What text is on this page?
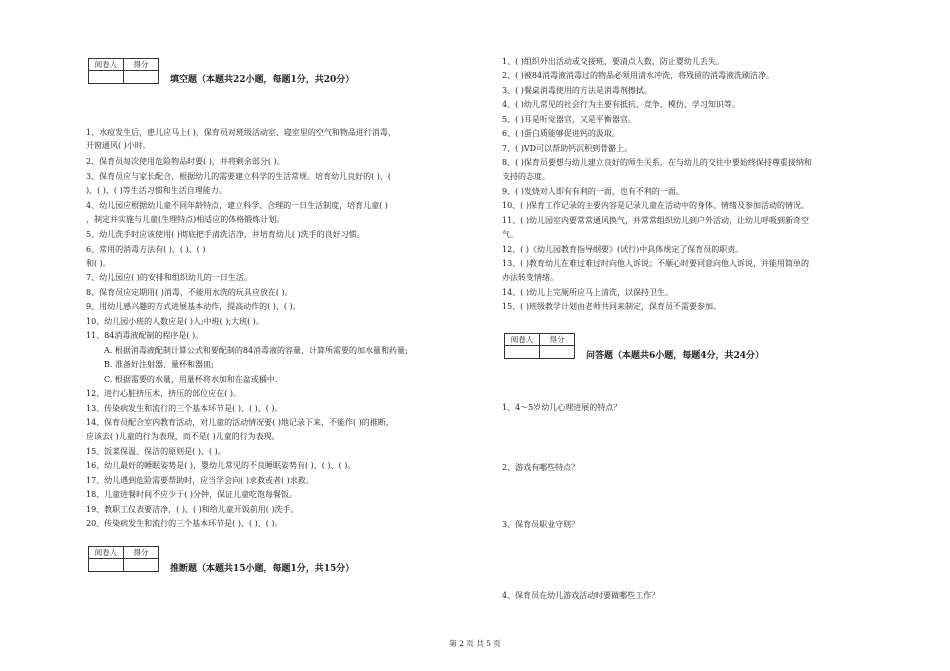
阅卷人	得分

填空题（本题共22小题，每题1分，共20分）
1、水痘发生后，患儿应马上( )，保育员对班级活动室、寝室里的空气和物品进行消毒，
开窗通风( )小时。
2、保育员每次使用危险物品时要( )，并将剩余部分( )。
3、保育员应与家长配合，根据幼儿的需要建立科学的生活常规。培育幼儿良好的( )、(
)、( )、( )等生活习惯和生活自理能力。
4、幼儿园应根据幼儿童不同年龄特点，建立科学、合理的一日生活制度，培育儿童( )
，制定并实施与儿童(生理特点)相适应的体格锻炼计划。
5、幼儿洗手时应该使用( )彻底把手清洗洁净，并培育幼儿( )洗手的良好习惯。
6、常用的消毒方法有( )、( )、( )
和( )。
7、幼儿园应( )的安排和组织幼儿的一日生活。
8、保育员应定期用( )消毒，不能用水洗的玩具应放在( )。
9、用幼儿感兴趣的方式进展基本动作，提高动作的( )、( )。
10、幼儿园小班的人数应是( )人;中班( );大班( )。
11、84消毒液配制的程序是( )。
A. 根据消毒液配制计算公式和要配制的84消毒液的容量，计算所需要的加水量和药量;
B. 准备好注射器、量杯和器皿;
C. 根据需要的水量，用量杯将水加和在盆或桶中.
12、进行心脏挤压术，挤压的部位应在( )。
13、传染病发生和流行的三个基本环节是( )、( )、( )。
14、保育员配合室内教育活动，对儿童的活动情况要( )地记录下来，不能作( )的推断，
应该去( )儿童的行为表现，而不是( )儿童的行为表现。
15、饭菜保温、保洁的原则是( )、( )。
16、幼儿最好的睡眠姿势是( )，婴幼儿常见的不良睡眠姿势有( )、( )、( )。
17、幼儿遇到危险需要帮助时，应当学会向( )求救或者( )求救。
18、儿童进餐时间不应少于( )分钟，保证儿童吃饱每餐饭。
19、教职工仪表要洁净，( )、( )和给儿童开饭前用( )洗手。
20、传染病发生和流行的三个基本环节是( )、( )、( )。
阅卷人	得分

推断题（本题共15小题，每题1分，共15分）
1、( )组织外出活动或交接班，要清点人数，防止婴幼儿丢失。
2、( )被84消毒液消毒过的物品必须用清水冲洗，将残留的消毒液洗刷洁净。
3、( )餐桌消毒使用的方法是消毒剂擦拭。
4、( )幼儿常见的社会行为主要有抵抗、竞争、模仿、学习知识等。
5、( )耳是听觉器官，又是平衡器官。
6、( )蛋白质能够促进钙的汲取。
7、( )VD可以帮助钙沉积到骨骼上。
8、( )保育员要想与幼儿建立良好的师生关系，在与幼儿的交往中要始终保持尊重接纳和
支持的态度。
9、( )发烧对人即有有利的一面，也有不利的一面。
10、( )保育工作记录的主要内容是记录儿童在活动中的身体、情绪及参加活动的情况。
11、( )幼儿园室内要常常通风换气，并常常组织幼儿到户外活动，让幼儿呼吸到新奇空
气。
12、( )《幼儿园教育指导纲要》(试行)中具体规定了保育员的职责。
13、( )教育幼儿在难过难过时向他人诉说；不顺心时要同意向他人诉说，并能用简单的
办法转变情绪。
14、( )幼儿上完厕所应马上清洗，以保持卫生。
15、( )班级教学计划由老师共同来制定，保育员不需要参加。
阅卷人	得分

问答题（本题共6小题，每题4分，共24分）
1、4～5岁幼儿心理进展的特点？
2、游戏有哪些特点？
3、保育员职业守则？
4、保育员在幼儿游戏活动时要做哪些工作？
第 2 页 共 5 页
